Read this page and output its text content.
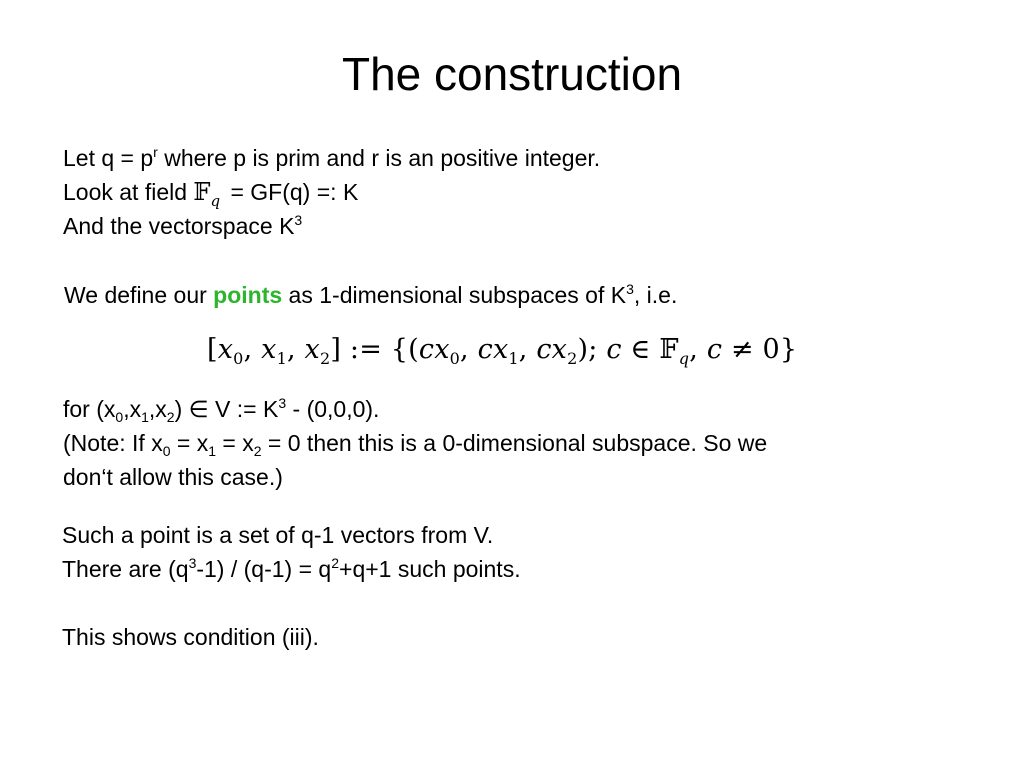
The construction
Let $q = p^r$ where p is prim and r is an positive integer.
Look at field 𝔽$_q$ = GF(q) =: K
And the vectorspace $K^3$
We define our points as 1-dimensional subspaces of $K^3$, i.e.
[$x_0$, $x_1$, $x_2$] := {($cx_0$, $cx_1$, $cx_2$); c ∈ 𝔽$_q$, c ≠ 0}
for $(x_0,x_1,x_2)$ ∈ V := $K^3 - (0,0,0)$.
(Note: If $x_0 = x_1 = x_2 = 0$ then this is a 0-dimensional subspace. So we
don‘t allow this case.)
Such a point is a set of q-1 vectors from V.
There are $(q^3-1) / (q-1) = q^2+q+1$ such points.
This shows condition (iii).
